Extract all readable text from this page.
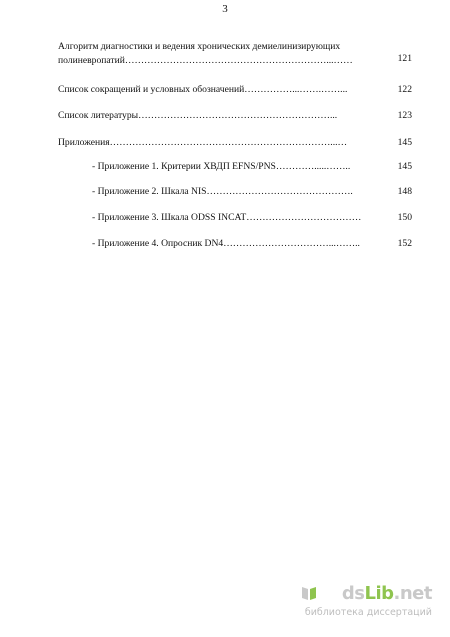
3
Алгоритм диагностики и ведения хронических демиелинизирующих
полиневропатий………………………………………………………...……	121
Список сокращений и условных обозначений……………...…….……...	122
Список литературы……………………………………………………...	123
Приложения……………………………………………………………...…	145
- Приложение 1. Критерии ХВДП EFNS/PNS………….....……..	145
- Приложение 2. Шкала NIS……………………………………….	148
- Приложение 3. Шкала ODSS INCAT………………………………	150
- Приложение 4. Опросник DN4……………………………...……..	152
dsLib.net
библиотека диссертаций
